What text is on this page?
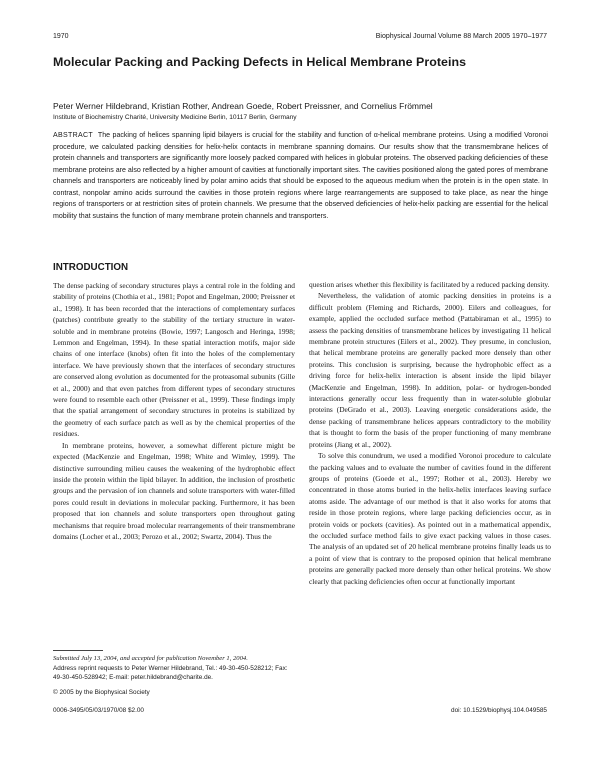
1970	Biophysical Journal Volume 88 March 2005 1970–1977
Molecular Packing and Packing Defects in Helical Membrane Proteins
Peter Werner Hildebrand, Kristian Rother, Andrean Goede, Robert Preissner, and Cornelius Frömmel
Institute of Biochemistry Charité, University Medicine Berlin, 10117 Berlin, Germany
ABSTRACT The packing of helices spanning lipid bilayers is crucial for the stability and function of α-helical membrane proteins. Using a modified Voronoi procedure, we calculated packing densities for helix-helix contacts in membrane spanning domains. Our results show that the transmembrane helices of protein channels and transporters are significantly more loosely packed compared with helices in globular proteins. The observed packing deficiencies of these membrane proteins are also reflected by a higher amount of cavities at functionally important sites. The cavities positioned along the gated pores of membrane channels and transporters are noticeably lined by polar amino acids that should be exposed to the aqueous medium when the protein is in the open state. In contrast, nonpolar amino acids surround the cavities in those protein regions where large rearrangements are supposed to take place, as near the hinge regions of transporters or at restriction sites of protein channels. We presume that the observed deficiencies of helix-helix packing are essential for the helical mobility that sustains the function of many membrane protein channels and transporters.
INTRODUCTION

The dense packing of secondary structures plays a central role in the folding and stability of proteins (Chothia et al., 1981; Popot and Engelman, 2000; Preissner et al., 1998). It has been recorded that the interactions of complementary surfaces (patches) contribute greatly to the stability of the tertiary structure in water-soluble and in membrane proteins (Bowie, 1997; Langosch and Heringa, 1998; Lemmon and Engelman, 1994). In these spatial interaction motifs, major side chains of one interface (knobs) often fit into the holes of the complementary interface. We have previously shown that the interfaces of secondary structures are conserved along evolution as documented for the proteasomal subunits (Gille et al., 2000) and that even patches from different types of secondary structures were found to resemble each other (Preissner et al., 1999). These findings imply that the spatial arrangement of secondary structures in proteins is stabilized by the geometry of each surface patch as well as by the chemical properties of the residues.

In membrane proteins, however, a somewhat different picture might be expected (MacKenzie and Engelman, 1998; White and Wimley, 1999). The distinctive surrounding milieu causes the weakening of the hydrophobic effect inside the protein within the lipid bilayer. In addition, the inclusion of prosthetic groups and the pervasion of ion channels and solute transporters with water-filled pores could result in deviations in molecular packing. Furthermore, it has been proposed that ion channels and solute transporters open throughout gating mechanisms that require broad molecular rearrangements of their transmembrane domains (Locher et al., 2003; Perozo et al., 2002; Swartz, 2004). Thus the

question arises whether this flexibility is facilitated by a reduced packing density.

Nevertheless, the validation of atomic packing densities in proteins is a difficult problem (Fleming and Richards, 2000). Eilers and colleagues, for example, applied the occluded surface method (Pattabiraman et al., 1995) to assess the packing densities of transmembrane helices by investigating 11 helical membrane protein structures (Eilers et al., 2002). They presume, in conclusion, that helical membrane proteins are generally packed more densely than other proteins. This conclusion is surprising, because the hydrophobic effect as a driving force for helix-helix interaction is absent inside the lipid bilayer (MacKenzie and Engelman, 1998). In addition, polar- or hydrogen-bonded interactions generally occur less frequently than in water-soluble globular proteins (DeGrado et al., 2003). Leaving energetic considerations aside, the dense packing of transmembrane helices appears contradictory to the mobility that is thought to form the basis of the proper functioning of many membrane proteins (Jiang et al., 2002).

To solve this conundrum, we used a modified Voronoi procedure to calculate the packing values and to evaluate the number of cavities found in the different groups of proteins (Goede et al., 1997; Rother et al., 2003). Hereby we concentrated in those atoms buried in the helix-helix interfaces leaving surface atoms aside. The advantage of our method is that it also works for atoms that reside in those protein regions, where large packing deficiencies occur, as in protein voids or pockets (cavities). As pointed out in a mathematical appendix, the occluded surface method fails to give exact packing values in those cases. The analysis of an updated set of 20 helical membrane proteins finally leads us to a point of view that is contrary to the proposed opinion that helical membrane proteins are generally packed more densely than other helical proteins. We show clearly that packing deficiencies often occur at functionally important

Submitted July 13, 2004, and accepted for publication November 1, 2004.
Address reprint requests to Peter Werner Hildebrand, Tel.: 49-30-450-528212; Fax: 49-30-450-528942; E-mail: peter.hildebrand@charite.de.
© 2005 by the Biophysical Society
0006-3495/05/03/1970/08 $2.00	doi: 10.1529/biophysj.104.049585
